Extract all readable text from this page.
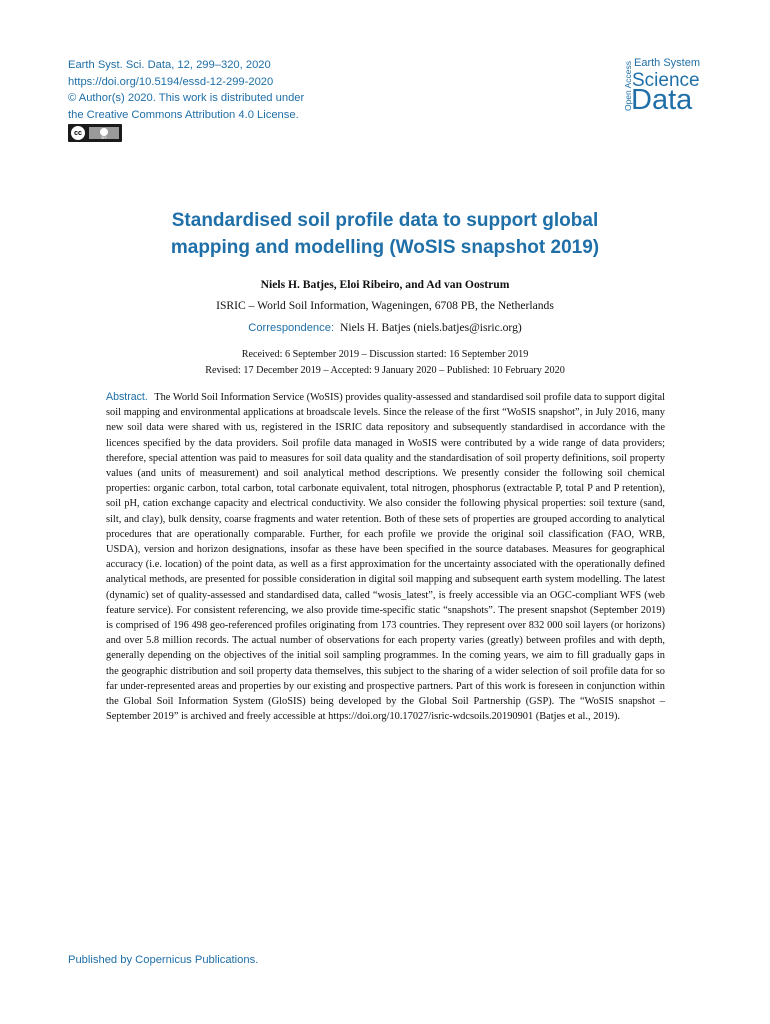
Earth Syst. Sci. Data, 12, 299–320, 2020
https://doi.org/10.5194/essd-12-299-2020
© Author(s) 2020. This work is distributed under
the Creative Commons Attribution 4.0 License.
cc
BY
Open Access Earth System
Science
Data
Standardised soil profile data to support global
mapping and modelling (WoSIS snapshot 2019)
Niels H. Batjes, Eloi Ribeiro, and Ad van Oostrum
ISRIC – World Soil Information, Wageningen, 6708 PB, the Netherlands
Correspondence: Niels H. Batjes (niels.batjes@isric.org)
Received: 6 September 2019 – Discussion started: 16 September 2019
Revised: 17 December 2019 – Accepted: 9 January 2020 – Published: 10 February 2020
Abstract. The World Soil Information Service (WoSIS) provides quality-assessed and standardised soil profile data to support digital soil mapping and environmental applications at broadscale levels. Since the release of the first “WoSIS snapshot”, in July 2016, many new soil data were shared with us, registered in the ISRIC data repository and subsequently standardised in accordance with the licences specified by the data providers. Soil profile data managed in WoSIS were contributed by a wide range of data providers; therefore, special attention was paid to measures for soil data quality and the standardisation of soil property definitions, soil property values (and units of measurement) and soil analytical method descriptions. We presently consider the following soil chemical properties: organic carbon, total carbon, total carbonate equivalent, total nitrogen, phosphorus (extractable P, total P and P retention), soil pH, cation exchange capacity and electrical conductivity. We also consider the following physical properties: soil texture (sand, silt, and clay), bulk density, coarse fragments and water retention. Both of these sets of properties are grouped according to analytical procedures that are operationally comparable. Further, for each profile we provide the original soil classification (FAO, WRB, USDA), version and horizon designations, insofar as these have been specified in the source databases. Measures for geographical accuracy (i.e. location) of the point data, as well as a first approximation for the uncertainty associated with the operationally defined analytical methods, are presented for possible consideration in digital soil mapping and subsequent earth system modelling. The latest (dynamic) set of quality-assessed and standardised data, called “wosis_latest”, is freely accessible via an OGC-compliant WFS (web feature service). For consistent referencing, we also provide time-specific static “snapshots”. The present snapshot (September 2019) is comprised of 196 498 geo-referenced profiles originating from 173 countries. They represent over 832 000 soil layers (or horizons) and over 5.8 million records. The actual number of observations for each property varies (greatly) between profiles and with depth, generally depending on the objectives of the initial soil sampling programmes. In the coming years, we aim to fill gradually gaps in the geographic distribution and soil property data themselves, this subject to the sharing of a wider selection of soil profile data for so far under-represented areas and properties by our existing and prospective partners. Part of this work is foreseen in conjunction within the Global Soil Information System (GloSIS) being developed by the Global Soil Partnership (GSP). The “WoSIS snapshot – September 2019” is archived and freely accessible at https://doi.org/10.17027/isric-wdcsoils.20190901 (Batjes et al., 2019).
Published by Copernicus Publications.
